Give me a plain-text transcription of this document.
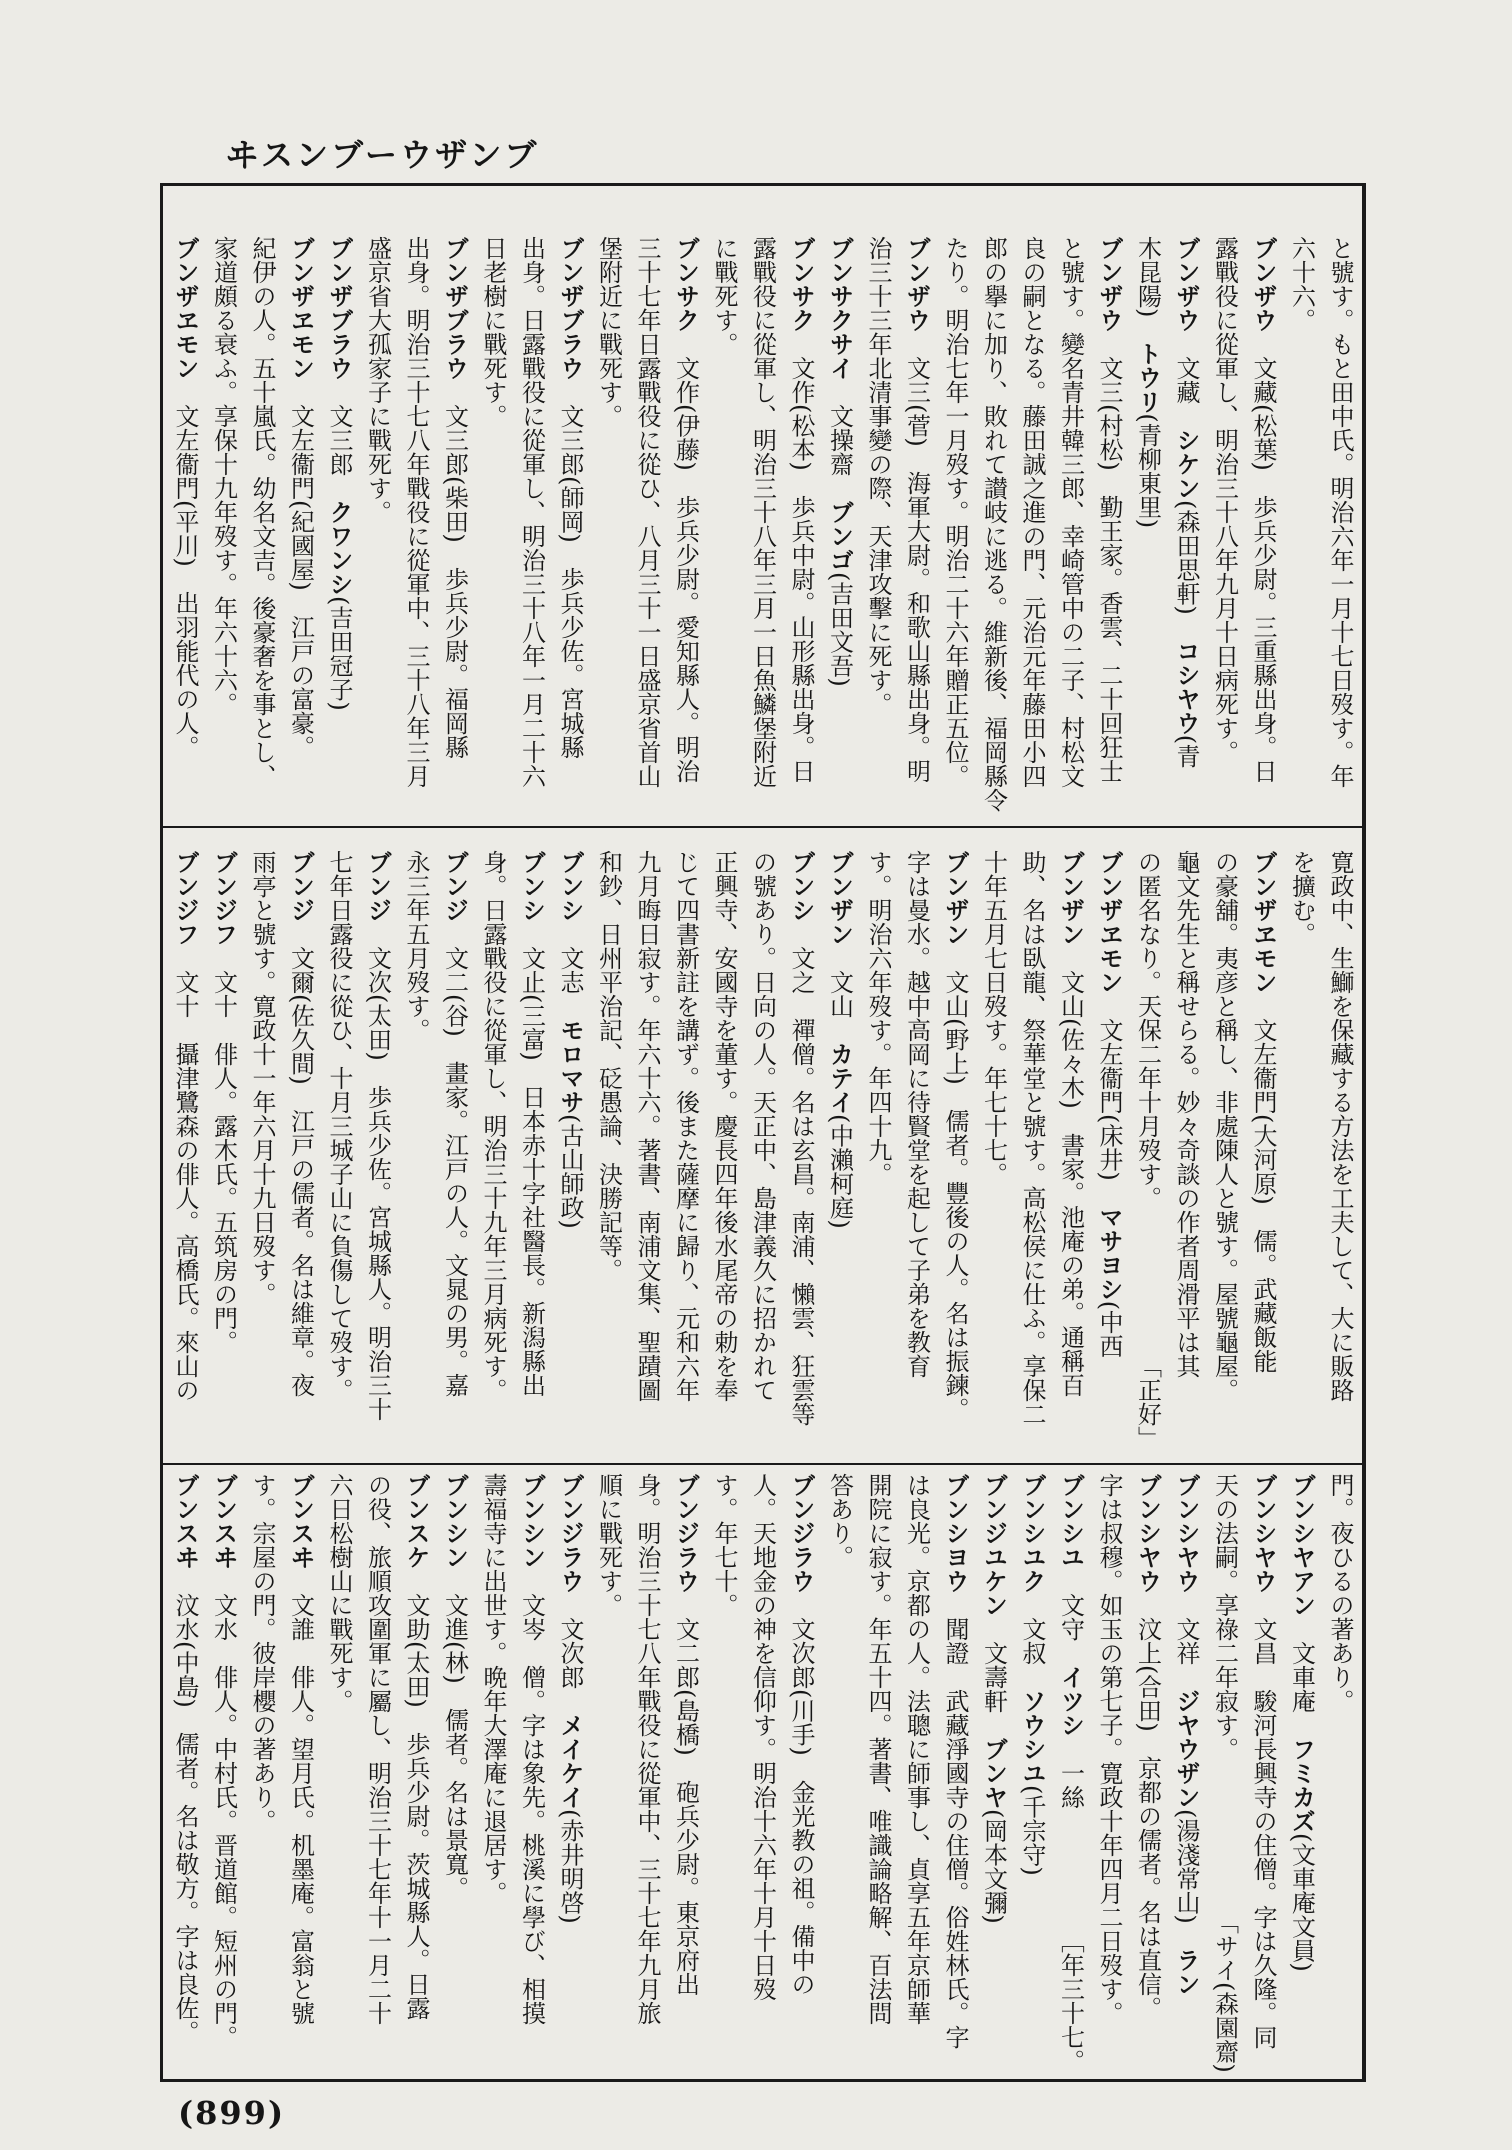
ヰスンブーウザンブ
と號す。もと田中氏。明治六年一月十七日歿す。年
六十六。
ブンザウ　文藏(松葉)　歩兵少尉。三重縣出身。日
露戰役に從軍し、明治三十八年九月十日病死す。
ブンザウ　文藏　シケン(森田思軒)　コシヤウ(青
木昆陽)　トウリ(青柳東里)
ブンザウ　文三(村松)　勤王家。香雲、二十回狂士
と號す。變名青井韓三郎、幸崎管中の二子、村松文
良の嗣となる。藤田誠之進の門、元治元年藤田小四
郎の擧に加り、敗れて讃岐に逃る。維新後、福岡縣令
たり。明治七年一月歿す。明治二十六年贈正五位。
ブンザウ　文三(菅)　海軍大尉。和歌山縣出身。明
治三十三年北清事變の際、天津攻擊に死す。
ブンサクサイ　文操齋　ブンゴ(吉田文吾)
ブンサク　文作(松本)　歩兵中尉。山形縣出身。日
露戰役に從軍し、明治三十八年三月一日魚鱗堡附近
に戰死す。
ブンサク　文作(伊藤)　歩兵少尉。愛知縣人。明治
三十七年日露戰役に從ひ、八月三十一日盛京省首山
堡附近に戰死す。
ブンザブラウ　文三郎(師岡)　歩兵少佐。宮城縣
出身。日露戰役に從軍し、明治三十八年一月二十六
日老樹に戰死す。
ブンザブラウ　文三郎(柴田)　歩兵少尉。福岡縣
出身。明治三十七八年戰役に從軍中、三十八年三月
盛京省大孤家子に戰死す。
ブンザブラウ　文三郎　クワンシ(吉田冠子)
ブンザヱモン　文左衞門(紀國屋)　江戸の富豪。
紀伊の人。五十嵐氏。幼名文吉。後豪奢を事とし、
家道頗る衰ふ。享保十九年歿す。年六十六。
ブンザヱモン　文左衞門(平川)　出羽能代の人。
寛政中、生鰤を保藏する方法を工夫して、大に販路
を擴む。
ブンザヱモン　文左衞門(大河原)　儒。武藏飯能
の豪舖。夷彦と稱し、非處陳人と號す。屋號龜屋。
龜文先生と稱せらる。妙々奇談の作者周滑平は其
の匿名なり。天保二年十月歿す。
「正好」
ブンザヱモン　文左衞門(床井)　マサヨシ(中西
ブンザン　文山(佐々木)　書家。池庵の弟。通稱百
助、名は臥龍、祭華堂と號す。高松侯に仕ふ。享保二
十年五月七日歿す。年七十七。
ブンザン　文山(野上)　儒者。豐後の人。名は振鍊。
字は曼水。越中高岡に待賢堂を起して子弟を教育
す。明治六年歿す。年四十九。
ブンザン　文山　カテイ(中瀨柯庭)
ブンシ　文之　禪僧。名は玄昌。南浦、懶雲、狂雲等
の號あり。日向の人。天正中、島津義久に招かれて
正興寺、安國寺を董す。慶長四年後水尾帝の勅を奉
じて四書新註を講ず。後また薩摩に歸り、元和六年
九月晦日寂す。年六十六。著書、南浦文集、聖蹟圖
和鈔、日州平治記、砭愚論、決勝記等。
ブンシ　文志　モロマサ(古山師政)
ブンシ　文止(三富)　日本赤十字社醫長。新潟縣出
身。日露戰役に從軍し、明治三十九年三月病死す。
ブンジ　文二(谷)　畫家。江戸の人。文晁の男。嘉
永三年五月歿す。
ブンジ　文次(太田)　歩兵少佐。宮城縣人。明治三十
七年日露役に從ひ、十月三城子山に負傷して歿す。
ブンジ　文爾(佐久間)　江戸の儒者。名は維章。夜
雨亭と號す。寛政十一年六月十九日歿す。
ブンジフ　文十　俳人。露木氏。五筑房の門。
ブンジフ　文十　攝津鷺森の俳人。高橋氏。來山の
門。夜ひるの著あり。
ブンシヤアン　文車庵　フミカズ(文車庵文員)
ブンシヤウ　文昌　駿河長興寺の住僧。字は久隆。同
天の法嗣。享祿二年寂す。
「サイ(森園齋)
ブンシヤウ　文祥　ジヤウザン(湯淺常山)　ラン
ブンシヤウ　汶上(合田)　京都の儒者。名は直信。
字は叔穆。如玉の第七子。寛政十年四月二日歿す。
ブンシユ　文守　イツシ　一絲
［年三十七。
ブンシユク　文叔　ソウシユ(千宗守)
ブンジユケン　文壽軒　ブンヤ(岡本文彌)
ブンシヨウ　聞證　武藏淨國寺の住僧。俗姓林氏。字
は良光。京都の人。法聰に師事し、貞享五年京師華
開院に寂す。年五十四。著書、唯識論略解、百法問
答あり。
ブンジラウ　文次郎(川手)　金光教の祖。備中の
人。天地金の神を信仰す。明治十六年十月十日歿
す。年七十。
ブンジラウ　文二郎(島橋)　砲兵少尉。東京府出
身。明治三十七八年戰役に從軍中、三十七年九月旅
順に戰死す。
ブンジラウ　文次郎　メイケイ(赤井明啓)
ブンシン　文岑　僧。字は象先。桃溪に學び、相摸
壽福寺に出世す。晩年大澤庵に退居す。
ブンシン　文進(林)　儒者。名は景寬。
ブンスケ　文助(太田)　歩兵少尉。茨城縣人。日露
の役、旅順攻圍軍に屬し、明治三十七年十一月二十
六日松樹山に戰死す。
ブンスヰ　文誰　俳人。望月氏。机墨庵。富翁と號
す。宗屋の門。彼岸櫻の著あり。
ブンスヰ　文水　俳人。中村氏。晋道館。短州の門。
ブンスヰ　汶水(中島)　儒者。名は敬方。字は良佐。
(899)
